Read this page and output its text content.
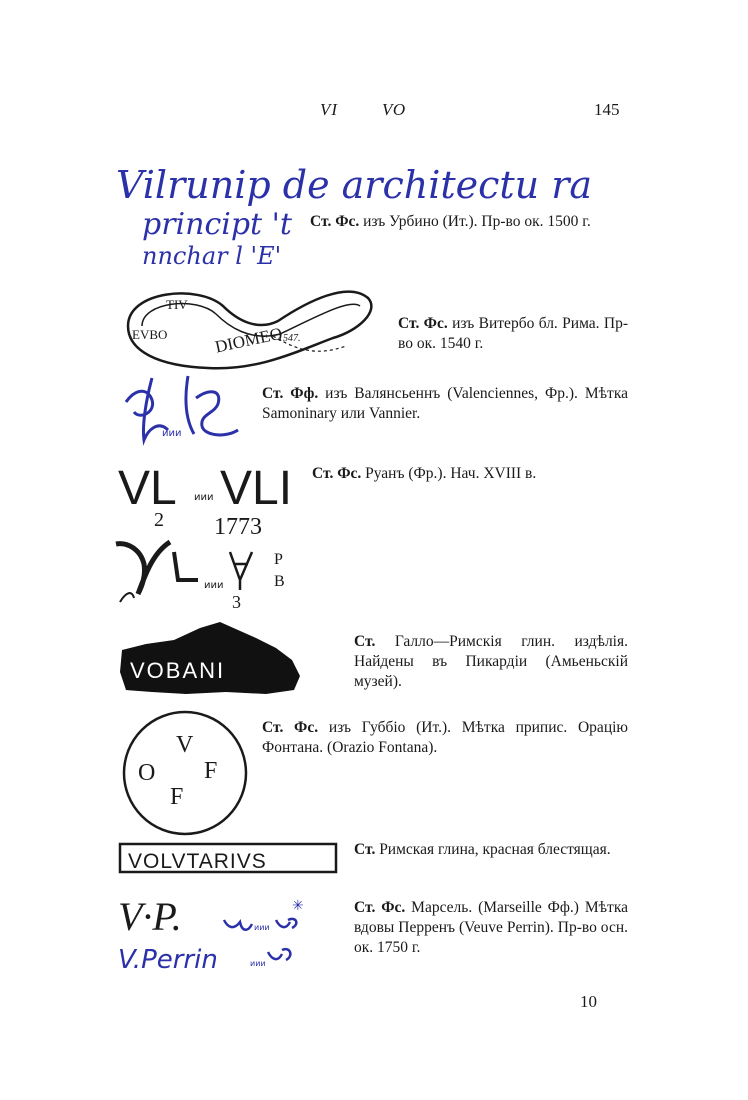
VI	VO	145
Vilrunip de architectu ra
principt 't
nnchar l 'E'
Ст. Фс. изъ Урбино (Ит.). Пр-во ок. 1500 г.
TIV
EVBO	DIOMEO
1547.
Ст. Фс. изъ Витербо бл. Рима. Пр-во ок. 1540 г.
иии
Ст. Фф. изъ Валянсьеннъ (Valenciennes, Фр.). Мѣтка Samoninary или Vannier.
VL VLI
иии
2 1773
P
B
иии
3
Ст. Фс. Руанъ (Фр.). Нач. XVIII в.
VOBANI
Ст. Галло—Римскія глин. издѣлія. Найдены въ Пикардіи (Амьеньскій музей).
V
O F
F
Ст. Фс. изъ Губбіо (Ит.). Мѣтка припис. Орацію Фонтана. (Orazio Fontana).
VOLVTARIVS
Ст. Римская глина, красная блестящая.
V·P.	иии
✳
V.Perrin	иии
Ст. Фс. Марсель. (Marseille Фф.) Мѣтка вдовы Перренъ (Veuve Perrin). Пр-во осн. ок. 1750 г.
10
